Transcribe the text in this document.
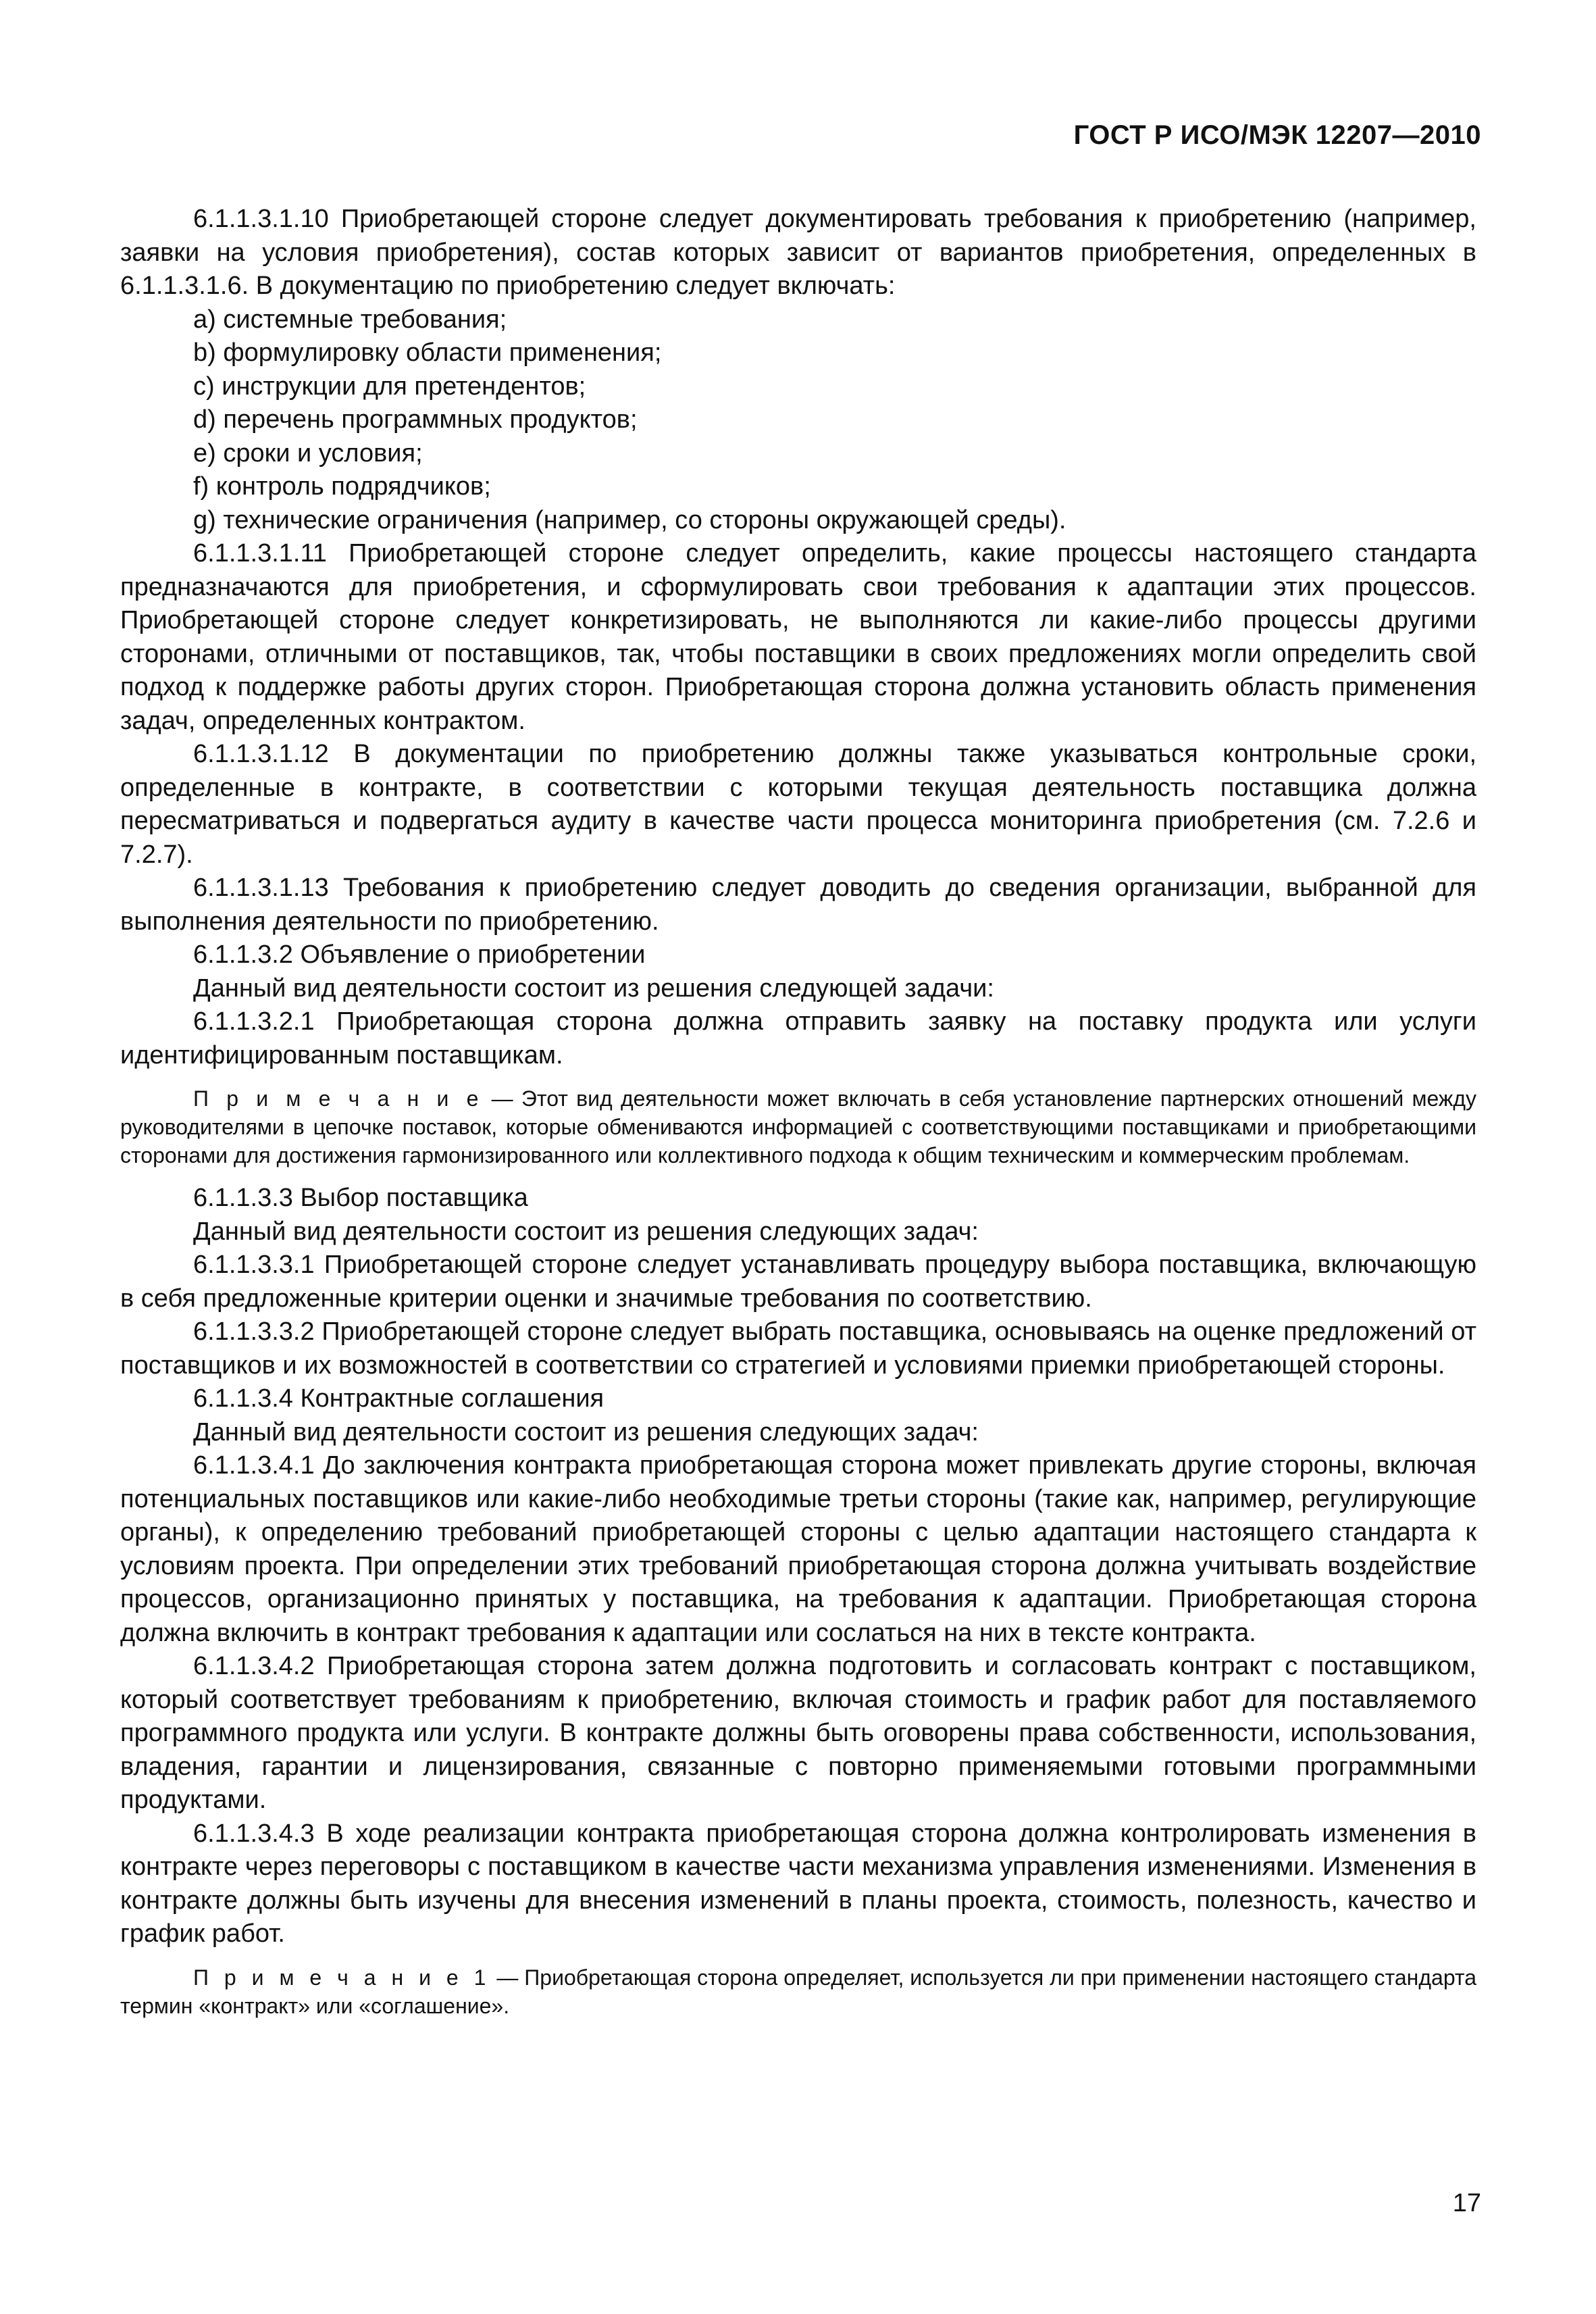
ГОСТ Р ИСО/МЭК 12207—2010

6.1.1.3.1.10 Приобретающей стороне следует документировать требования к приобретению (например, заявки на условия приобретения), состав которых зависит от вариантов приобретения, определенных в 6.1.1.3.1.6. В документацию по приобретению следует включать:

a) системные требования;

b) формулировку области применения;

c) инструкции для претендентов;

d) перечень программных продуктов;

e) сроки и условия;

f) контроль подрядчиков;

g) технические ограничения (например, со стороны окружающей среды).

6.1.1.3.1.11 Приобретающей стороне следует определить, какие процессы настоящего стандарта предназначаются для приобретения, и сформулировать свои требования к адаптации этих процессов. Приобретающей стороне следует конкретизировать, не выполняются ли какие-либо процессы другими сторонами, отличными от поставщиков, так, чтобы поставщики в своих предложениях могли определить свой подход к поддержке работы других сторон. Приобретающая сторона должна установить область применения задач, определенных контрактом.

6.1.1.3.1.12 В документации по приобретению должны также указываться контрольные сроки, определенные в контракте, в соответствии с которыми текущая деятельность поставщика должна пересматриваться и подвергаться аудиту в качестве части процесса мониторинга приобретения (см. 7.2.6 и 7.2.7).

6.1.1.3.1.13 Требования к приобретению следует доводить до сведения организации, выбранной для выполнения деятельности по приобретению.

6.1.1.3.2 Объявление о приобретении

Данный вид деятельности состоит из решения следующей задачи:

6.1.1.3.2.1 Приобретающая сторона должна отправить заявку на поставку продукта или услуги идентифицированным поставщикам.

П р и м е ч а н и е — Этот вид деятельности может включать в себя установление партнерских отношений между руководителями в цепочке поставок, которые обмениваются информацией с соответствующими поставщиками и приобретающими сторонами для достижения гармонизированного или коллективного подхода к общим техническим и коммерческим проблемам.

6.1.1.3.3 Выбор поставщика

Данный вид деятельности состоит из решения следующих задач:

6.1.1.3.3.1 Приобретающей стороне следует устанавливать процедуру выбора поставщика, включающую в себя предложенные критерии оценки и значимые требования по соответствию.

6.1.1.3.3.2 Приобретающей стороне следует выбрать поставщика, основываясь на оценке предложений от поставщиков и их возможностей в соответствии со стратегией и условиями приемки приобретающей стороны.

6.1.1.3.4 Контрактные соглашения

Данный вид деятельности состоит из решения следующих задач:

6.1.1.3.4.1 До заключения контракта приобретающая сторона может привлекать другие стороны, включая потенциальных поставщиков или какие-либо необходимые третьи стороны (такие как, например, регулирующие органы), к определению требований приобретающей стороны с целью адаптации настоящего стандарта к условиям проекта. При определении этих требований приобретающая сторона должна учитывать воздействие процессов, организационно принятых у поставщика, на требования к адаптации. Приобретающая сторона должна включить в контракт требования к адаптации или сослаться на них в тексте контракта.

6.1.1.3.4.2 Приобретающая сторона затем должна подготовить и согласовать контракт с поставщиком, который соответствует требованиям к приобретению, включая стоимость и график работ для поставляемого программного продукта или услуги. В контракте должны быть оговорены права собственности, использования, владения, гарантии и лицензирования, связанные с повторно применяемыми готовыми программными продуктами.

6.1.1.3.4.3 В ходе реализации контракта приобретающая сторона должна контролировать изменения в контракте через переговоры с поставщиком в качестве части механизма управления изменениями. Изменения в контракте должны быть изучены для внесения изменений в планы проекта, стоимость, полезность, качество и график работ.

П р и м е ч а н и е 1 — Приобретающая сторона определяет, используется ли при применении настоящего стандарта термин «контракт» или «соглашение».

17
